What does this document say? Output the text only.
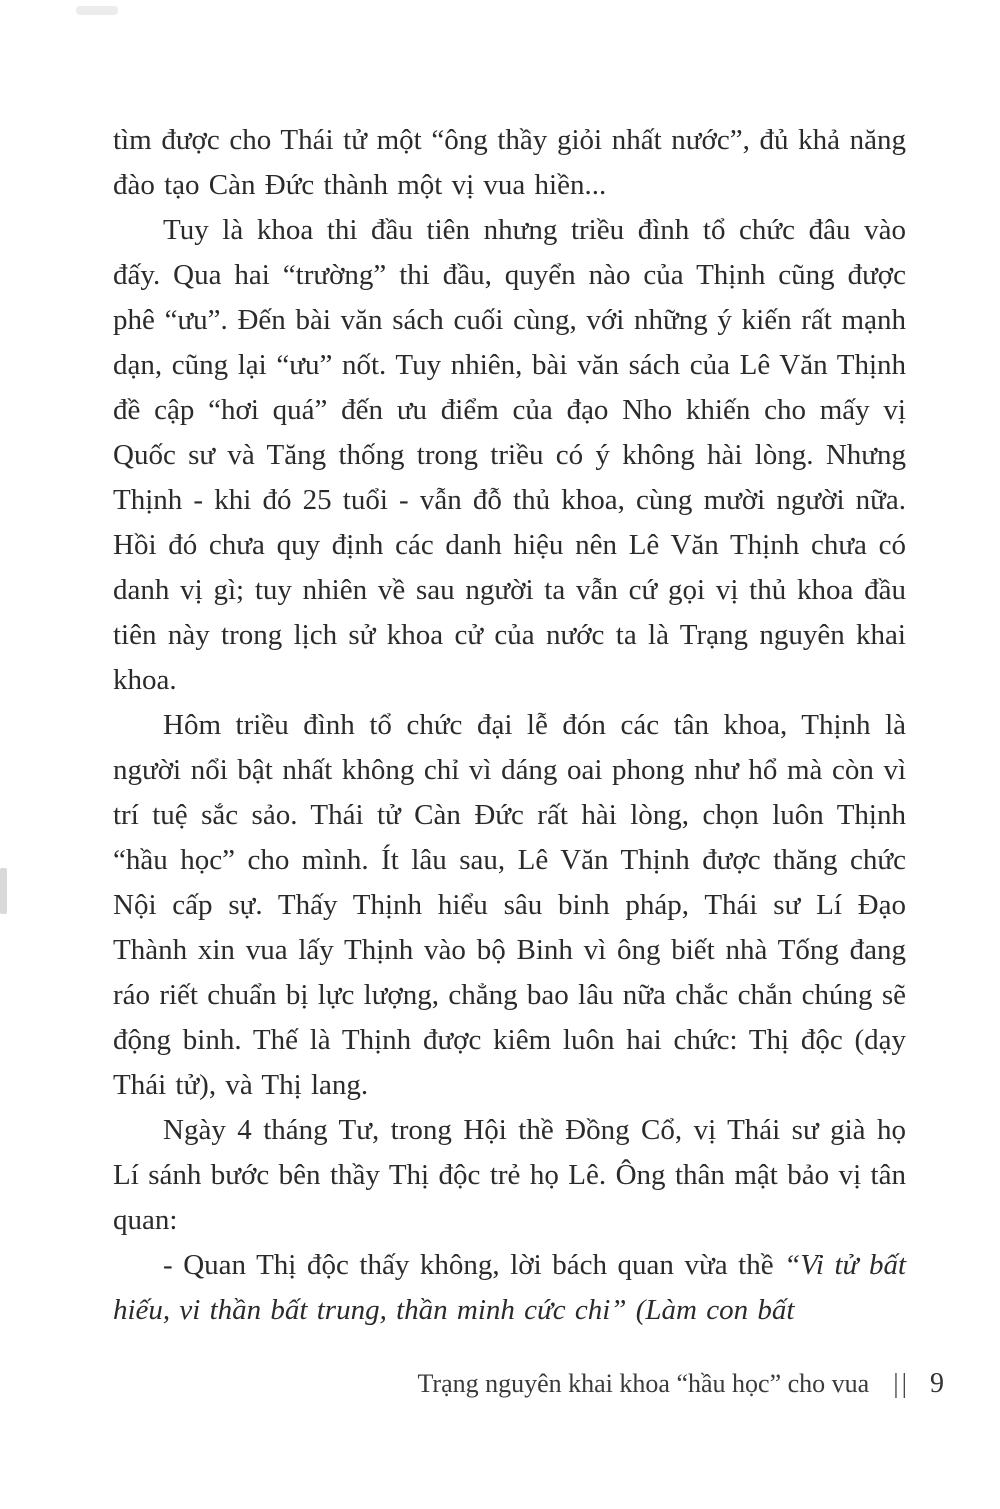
tìm được cho Thái tử một “ông thầy giỏi nhất nước”, đủ khả năng đào tạo Càn Đức thành một vị vua hiền...

Tuy là khoa thi đầu tiên nhưng triều đình tổ chức đâu vào đấy. Qua hai “trường” thi đầu, quyển nào của Thịnh cũng được phê “ưu”. Đến bài văn sách cuối cùng, với những ý kiến rất mạnh dạn, cũng lại “ưu” nốt. Tuy nhiên, bài văn sách của Lê Văn Thịnh đề cập “hơi quá” đến ưu điểm của đạo Nho khiến cho mấy vị Quốc sư và Tăng thống trong triều có ý không hài lòng. Nhưng Thịnh - khi đó 25 tuổi - vẫn đỗ thủ khoa, cùng mười người nữa. Hồi đó chưa quy định các danh hiệu nên Lê Văn Thịnh chưa có danh vị gì; tuy nhiên về sau người ta vẫn cứ gọi vị thủ khoa đầu tiên này trong lịch sử khoa cử của nước ta là Trạng nguyên khai khoa.

Hôm triều đình tổ chức đại lễ đón các tân khoa, Thịnh là người nổi bật nhất không chỉ vì dáng oai phong như hổ mà còn vì trí tuệ sắc sảo. Thái tử Càn Đức rất hài lòng, chọn luôn Thịnh “hầu học” cho mình. Ít lâu sau, Lê Văn Thịnh được thăng chức Nội cấp sự. Thấy Thịnh hiểu sâu binh pháp, Thái sư Lí Đạo Thành xin vua lấy Thịnh vào bộ Binh vì ông biết nhà Tống đang ráo riết chuẩn bị lực lượng, chẳng bao lâu nữa chắc chắn chúng sẽ động binh. Thế là Thịnh được kiêm luôn hai chức: Thị độc (dạy Thái tử), và Thị lang.

Ngày 4 tháng Tư, trong Hội thề Đồng Cổ, vị Thái sư già họ Lí sánh bước bên thầy Thị độc trẻ họ Lê. Ông thân mật bảo vị tân quan:

- Quan Thị độc thấy không, lời bách quan vừa thề “Vi tử bất hiếu, vi thần bất trung, thần minh cức chi” (Làm con bất

Trạng nguyên khai khoa “hầu học” cho vua || 9
